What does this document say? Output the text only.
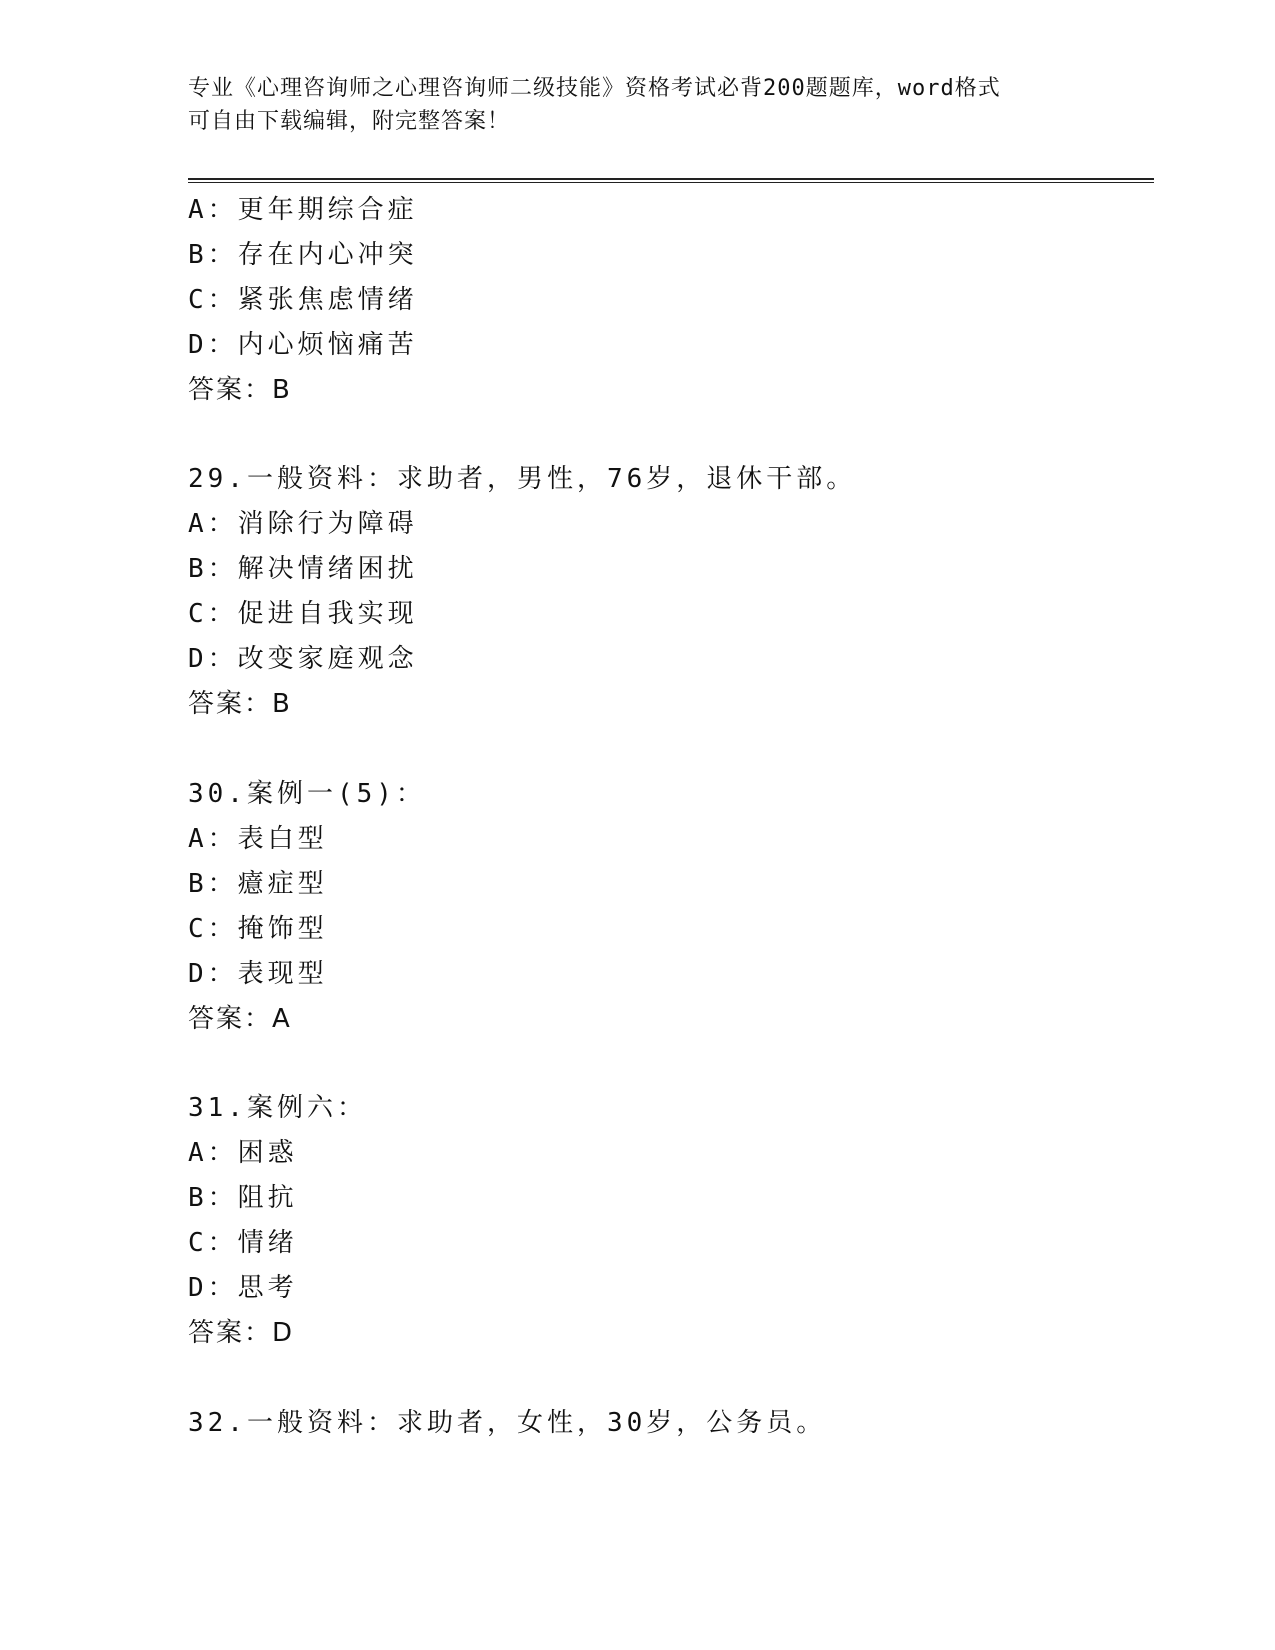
专业《心理咨询师之心理咨询师二级技能》资格考试必背200题题库，word格式
可自由下载编辑，附完整答案！
A：更年期综合症
B：存在内心冲突
C：紧张焦虑情绪
D：内心烦恼痛苦
答案：B
29.一般资料：求助者，男性，76岁，退休干部。
A：消除行为障碍
B：解决情绪困扰
C：促进自我实现
D：改变家庭观念
答案：B
30.案例一(5)：
A：表白型
B：癔症型
C：掩饰型
D：表现型
答案：A
31.案例六：
A：困惑
B：阻抗
C：情绪
D：思考
答案：D
32.一般资料：求助者，女性，30岁，公务员。
